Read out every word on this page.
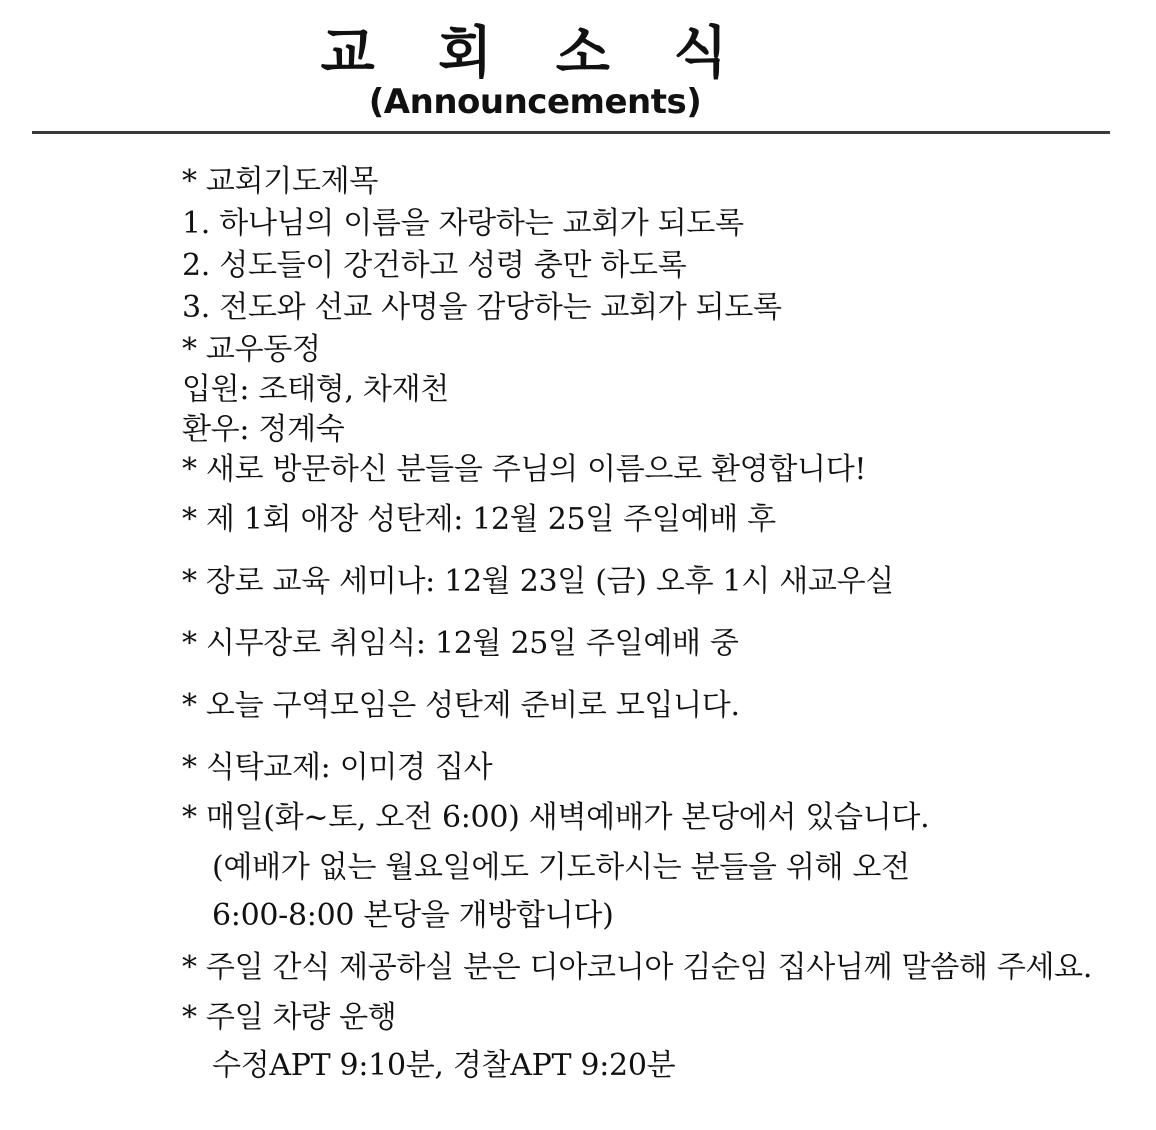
교 회 소 식
(Announcements)
* 교회기도제목
1. 하나님의 이름을 자랑하는 교회가 되도록
2. 성도들이 강건하고 성령 충만 하도록
3. 전도와 선교 사명을 감당하는 교회가 되도록
* 교우동정
입원: 조태형, 차재천
환우: 정계숙
* 새로 방문하신 분들을 주님의 이름으로 환영합니다!
* 제 1회 애장 성탄제: 12월 25일 주일예배 후
* 장로 교육 세미나: 12월 23일 (금) 오후 1시 새교우실
* 시무장로 취임식: 12월 25일 주일예배 중
* 오늘 구역모임은 성탄제 준비로 모입니다.
* 식탁교제: 이미경 집사
* 매일(화~토, 오전 6:00) 새벽예배가 본당에서 있습니다.
(예배가 없는 월요일에도 기도하시는 분들을 위해 오전
6:00-8:00 본당을 개방합니다)
* 주일 간식 제공하실 분은 디아코니아 김순임 집사님께 말씀해 주세요.
* 주일 차량 운행
수정APT 9:10분, 경찰APT 9:20분
